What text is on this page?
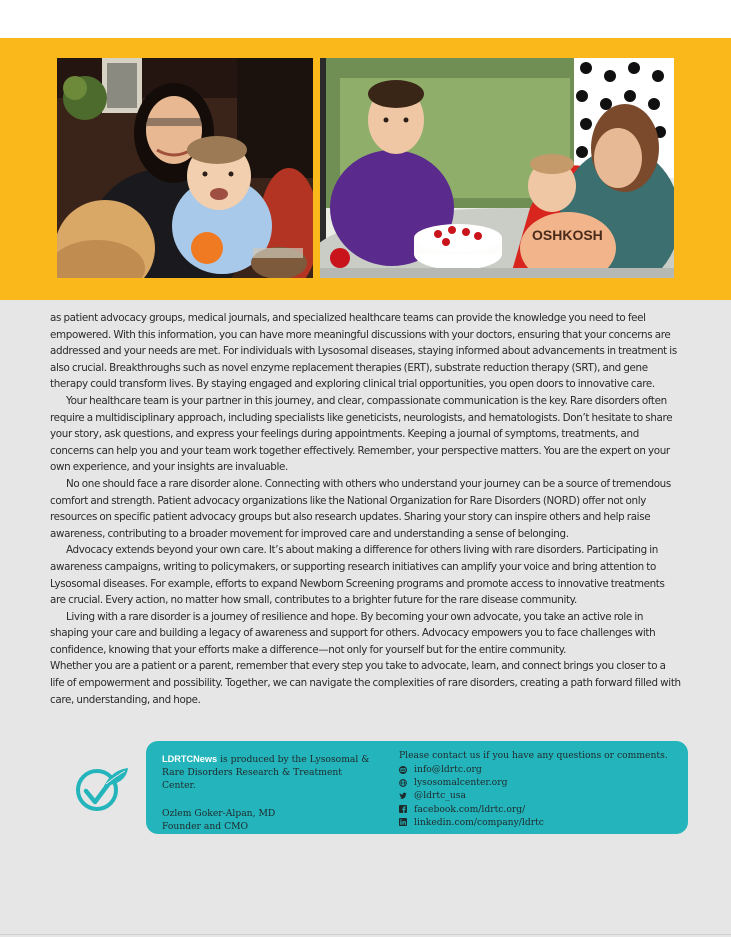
OSHKOSH

as patient advocacy groups, medical journals, and specialized healthcare teams can provide the knowledge you need to feel empowered. With this information, you can have more meaningful discussions with your doctors, ensuring that your concerns are addressed and your needs are met. For individuals with Lysosomal diseases, staying informed about advancements in treatment is also crucial. Breakthroughs such as novel enzyme replacement therapies (ERT), substrate reduction therapy (SRT), and gene therapy could transform lives. By staying engaged and exploring clinical trial opportunities, you open doors to innovative care.

Your healthcare team is your partner in this journey, and clear, compassionate communication is the key. Rare disorders often require a multidisciplinary approach, including specialists like geneticists, neurologists, and hematologists. Don’t hesitate to share your story, ask questions, and express your feelings during appointments. Keeping a journal of symptoms, treatments, and concerns can help you and your team work together effectively. Remember, your perspective matters. You are the expert on your own experience, and your insights are invaluable.

No one should face a rare disorder alone. Connecting with others who understand your journey can be a source of tremendous comfort and strength. Patient advocacy organizations like the National Organization for Rare Disorders (NORD) offer not only resources on specific patient advocacy groups but also research updates. Sharing your story can inspire others and help raise awareness, contributing to a broader movement for improved care and understanding a sense of belonging.

Advocacy extends beyond your own care. It’s about making a difference for others living with rare disorders. Participating in awareness campaigns, writing to policymakers, or supporting research initiatives can amplify your voice and bring attention to Lysosomal diseases. For example, efforts to expand Newborn Screening programs and promote access to innovative treatments are crucial. Every action, no matter how small, contributes to a brighter future for the rare disease community.

Living with a rare disorder is a journey of resilience and hope. By becoming your own advocate, you take an active role in shaping your care and building a legacy of awareness and support for others. Advocacy empowers you to face challenges with confidence, knowing that your efforts make a difference—not only for yourself but for the entire community.

Whether you are a patient or a parent, remember that every step you take to advocate, learn, and connect brings you closer to a life of empowerment and possibility. Together, we can navigate the complexities of rare disorders, creating a path forward filled with care, understanding, and hope.

LDRTCNews is produced by the Lysosomal & Rare Disorders Research & Treatment Center.
Ozlem Goker-Alpan, MD
Founder and CMO
Please contact us if you have any questions or comments.
info@ldrtc.org
lysosomalcenter.org
@ldrtc_usa
facebook.com/ldrtc.org/
linkedin.com/company/ldrtc
